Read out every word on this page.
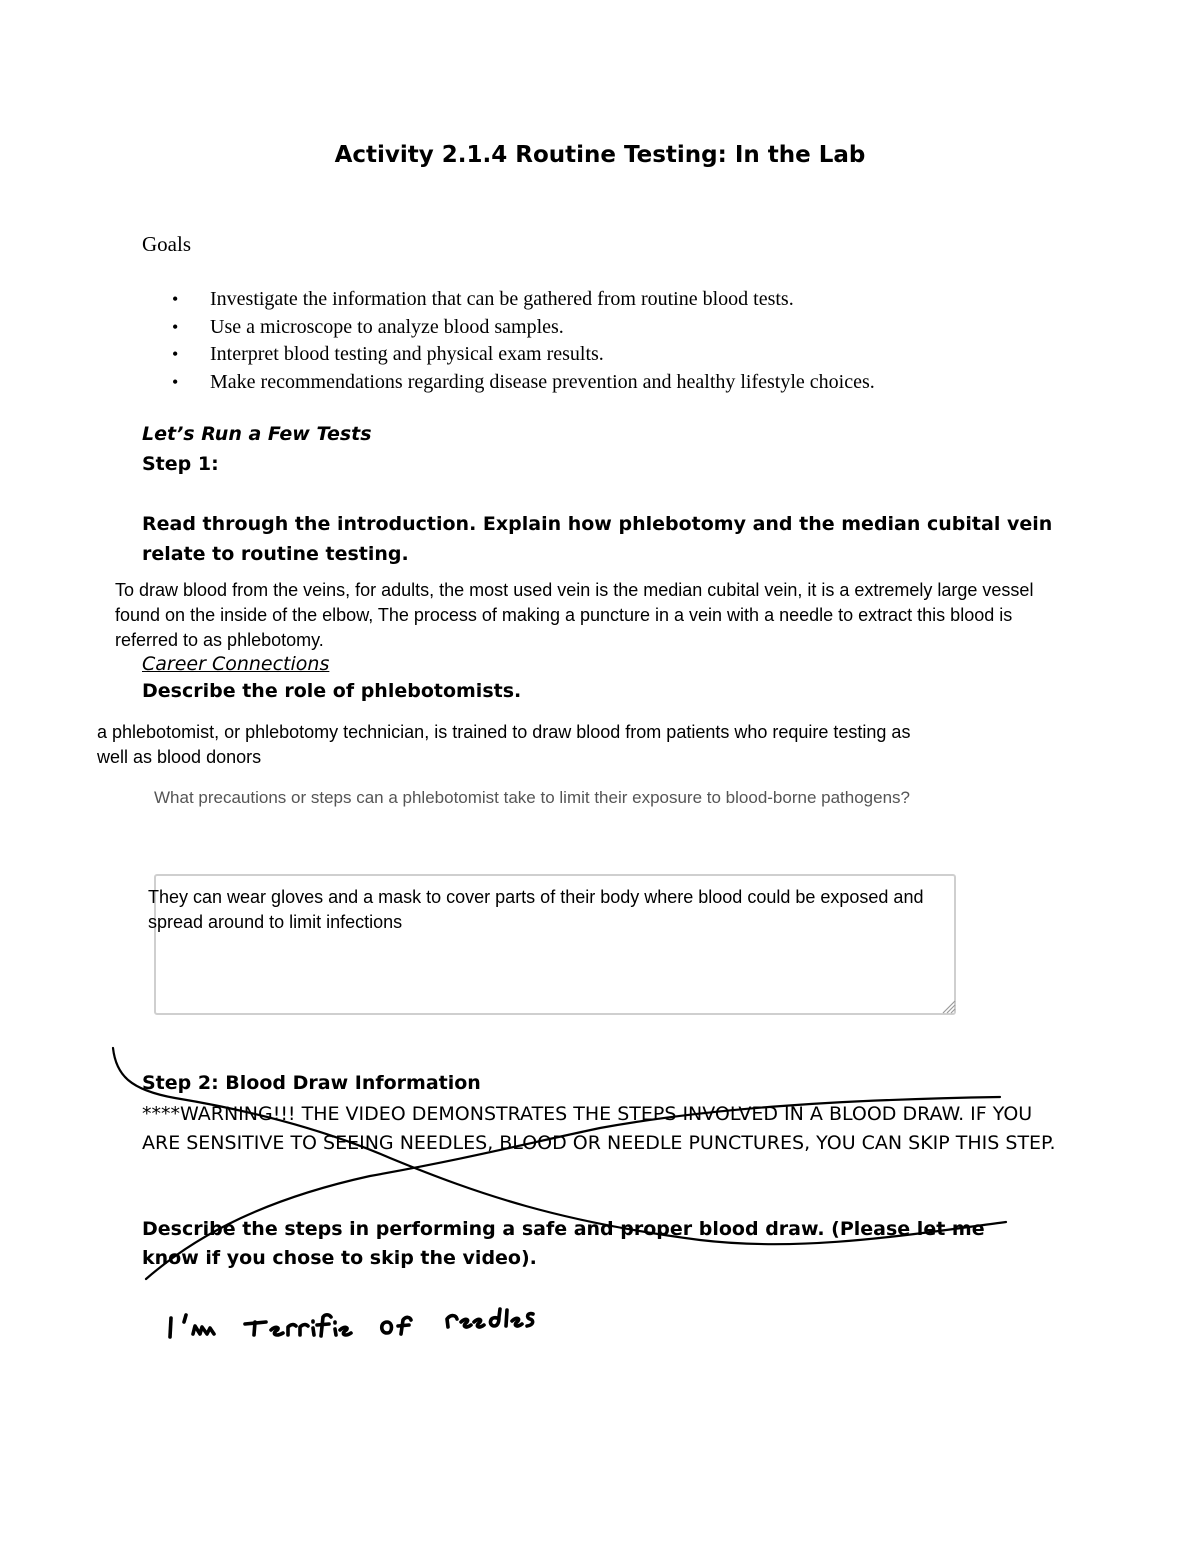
Activity 2.1.4 Routine Testing: In the Lab
Goals
• Investigate the information that can be gathered from routine blood tests.
• Use a microscope to analyze blood samples.
• Interpret blood testing and physical exam results.
• Make recommendations regarding disease prevention and healthy lifestyle choices.
Let’s Run a Few Tests
Step 1:
Read through the introduction. Explain how phlebotomy and the median cubital vein relate to routine testing.
To draw blood from the veins, for adults, the most used vein is the median cubital vein, it is a extremely large vessel found on the inside of the elbow, The process of making a puncture in a vein with a needle to extract this blood is referred to as phlebotomy.
Career Connections
Describe the role of phlebotomists.
a phlebotomist, or phlebotomy technician, is trained to draw blood from patients who require testing as well as blood donors
What precautions or steps can a phlebotomist take to limit their exposure to blood-borne pathogens?
They can wear gloves and a mask to cover parts of their body where blood could be exposed and spread around to limit infections
Step 2: Blood Draw Information
****WARNING!!! THE VIDEO DEMONSTRATES THE STEPS INVOLVED IN A BLOOD DRAW. IF YOU ARE SENSITIVE TO SEEING NEEDLES, BLOOD OR NEEDLE PUNCTURES, YOU CAN SKIP THIS STEP.
Describe the steps in performing a safe and proper blood draw. (Please let me know if you chose to skip the video).
